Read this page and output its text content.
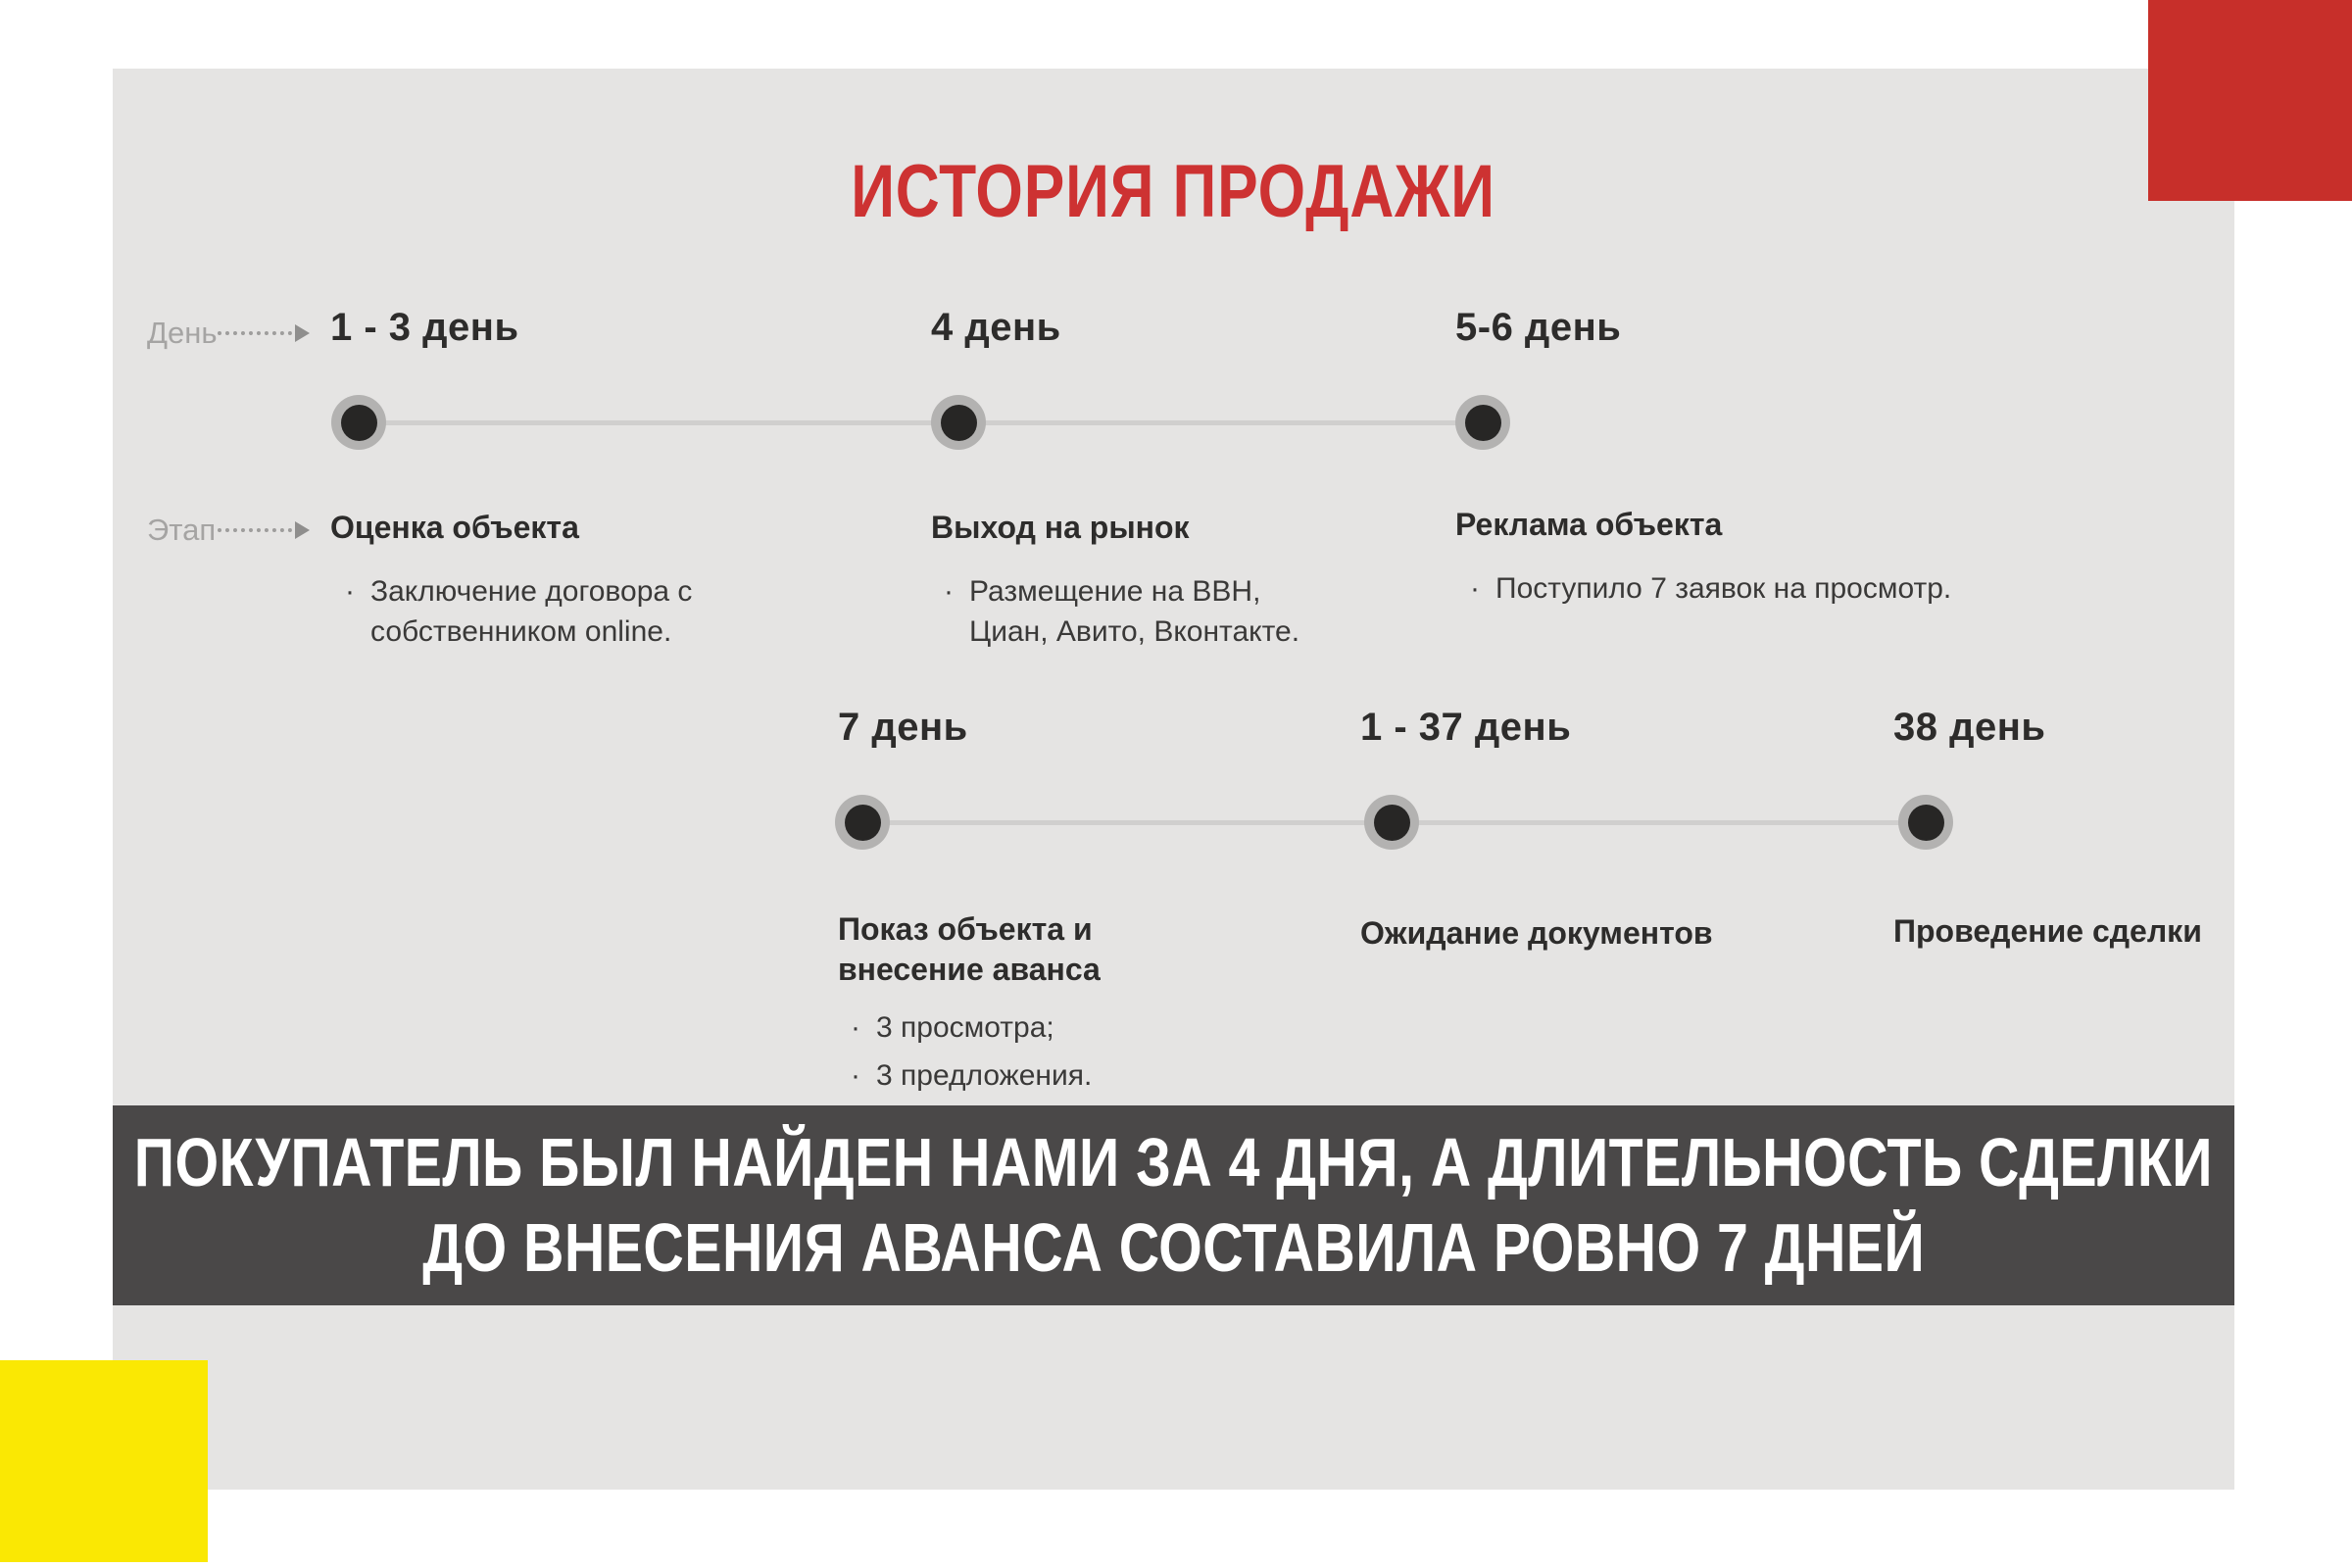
ИСТОРИЯ ПРОДАЖИ
День
Этап
1 - 3 день	4 день	5-6 день
Оценка объекта	Выход на рынок	Реклама объекта
· Заключение договора с собственником online.
· Размещение на ВВН, Циан, Авито, Вконтакте.
· Поступило 7 заявок на просмотр.
7 день	1 - 37 день	38 день
Показ объекта и внесение аванса
Ожидание документов	Проведение сделки
· 3 просмотра;
· 3 предложения.
ПОКУПАТЕЛЬ БЫЛ НАЙДЕН НАМИ ЗА 4 ДНЯ, А ДЛИТЕЛЬНОСТЬ СДЕЛКИ
ДО ВНЕСЕНИЯ АВАНСА СОСТАВИЛА РОВНО 7 ДНЕЙ
